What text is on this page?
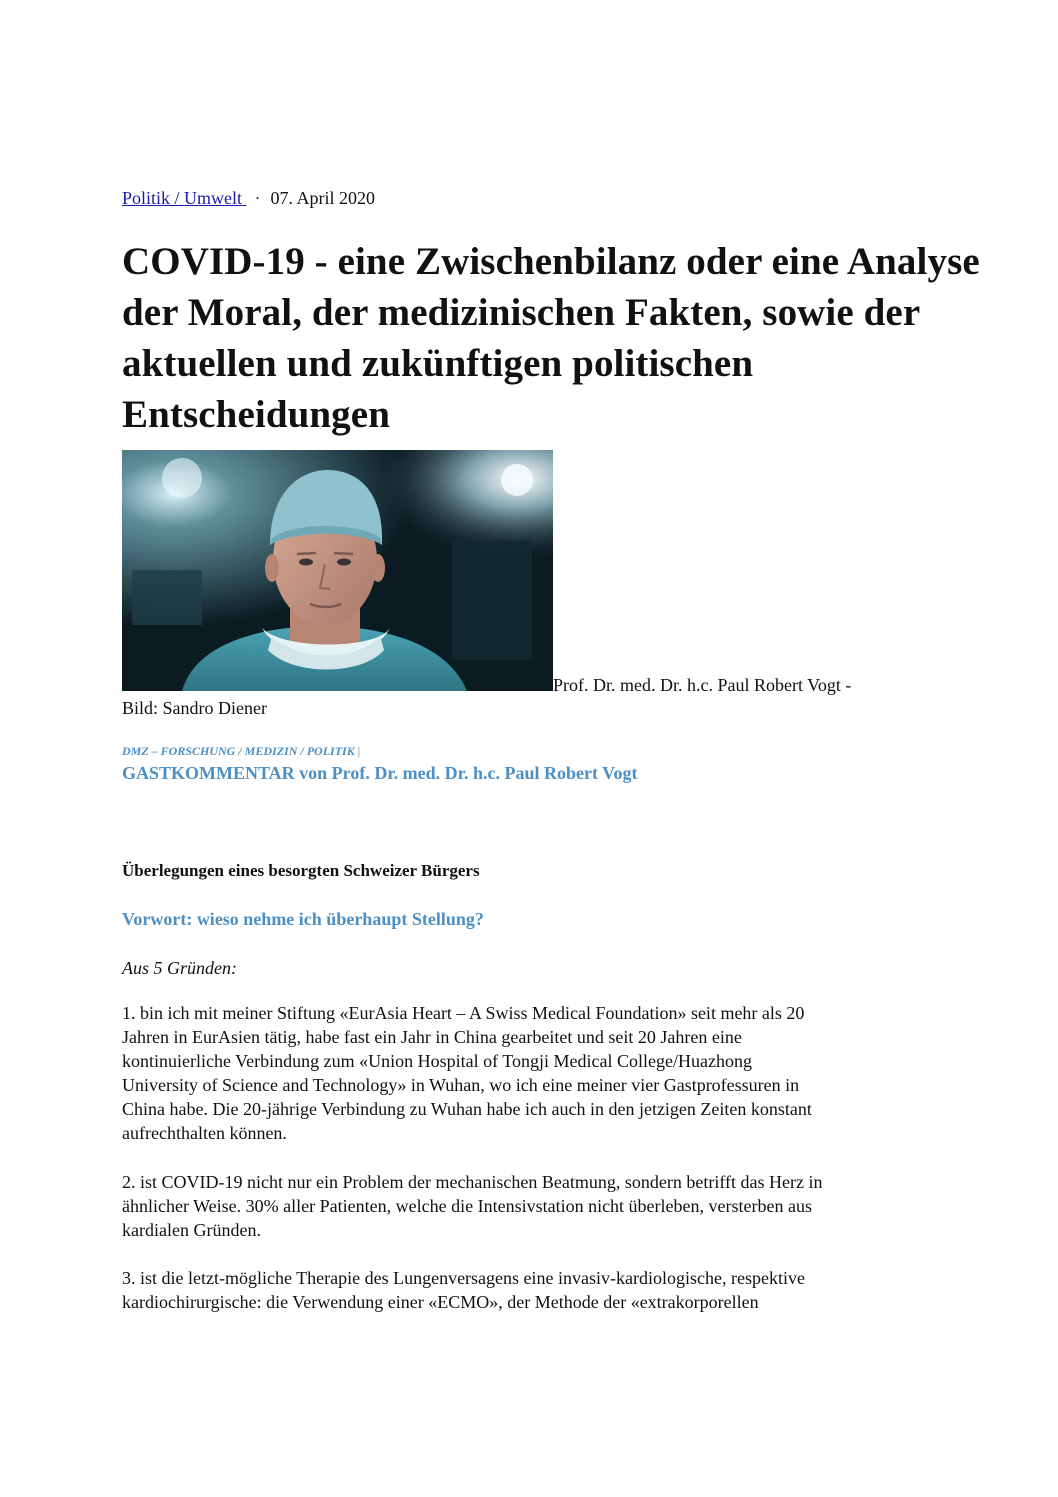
Politik / Umwelt · 07. April 2020
COVID-19 - eine Zwischenbilanz oder eine Analyse der Moral, der medizinischen Fakten, sowie der aktuellen und zukünftigen politischen Entscheidungen
Prof. Dr. med. Dr. h.c. Paul Robert Vogt -
Bild: Sandro Diener
DMZ – FORSCHUNG / MEDIZIN / POLITIK |
GASTKOMMENTAR von Prof. Dr. med. Dr. h.c. Paul Robert Vogt
Überlegungen eines besorgten Schweizer Bürgers
Vorwort: wieso nehme ich überhaupt Stellung?
Aus 5 Gründen:

1. bin ich mit meiner Stiftung «EurAsia Heart – A Swiss Medical Foundation» seit mehr als 20
Jahren in EurAsien tätig, habe fast ein Jahr in China gearbeitet und seit 20 Jahren eine
kontinuierliche Verbindung zum «Union Hospital of Tongji Medical College/Huazhong
University of Science and Technology» in Wuhan, wo ich eine meiner vier Gastprofessuren in
China habe. Die 20-jährige Verbindung zu Wuhan habe ich auch in den jetzigen Zeiten konstant
aufrechthalten können.

2. ist COVID-19 nicht nur ein Problem der mechanischen Beatmung, sondern betrifft das Herz in
ähnlicher Weise. 30% aller Patienten, welche die Intensivstation nicht überleben, versterben aus
kardialen Gründen.

3. ist die letzt-mögliche Therapie des Lungenversagens eine invasiv-kardiologische, respektive
kardiochirurgische: die Verwendung einer «ECMO», der Methode der «extrakorporellen
